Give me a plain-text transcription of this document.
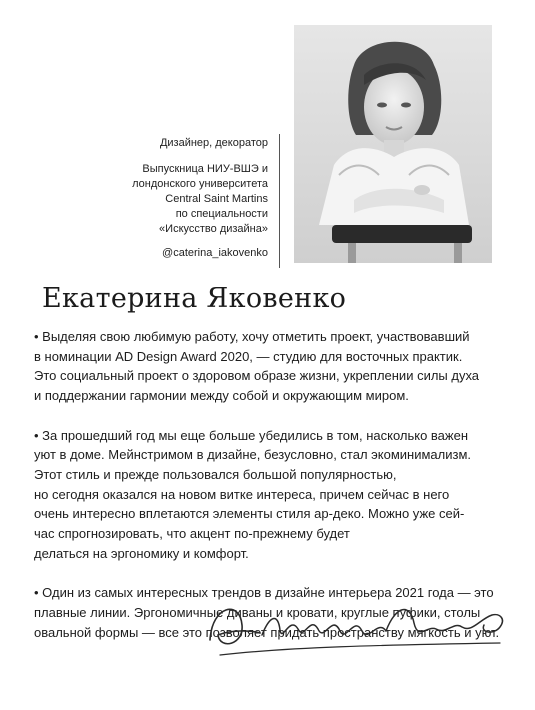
Дизайнер, декоратор
Выпускница НИУ-ВШЭ и
лондонского университета
Central Saint Martins
по специальности
«Искусство дизайна»
@caterina_iakovenko
Екатерина Яковенко

• Выделяя свою любимую работу, хочу отметить проект, участвовавший
в номинации AD Design Award 2020, — студию для восточных практик.
Это социальный проект о здоровом образе жизни, укреплении силы духа
и поддержании гармонии между собой и окружающим миром.

• За прошедший год мы еще больше убедились в том, насколько важен
уют в доме. Мейнстримом в дизайне, безусловно, стал экоминимализм.
Этот стиль и прежде пользовался большой популярностью,
но сегодня оказался на новом витке интереса, причем сейчас в него
очень интересно вплетаются элементы стиля ар-деко. Можно уже сей-
час спрогнозировать, что акцент по-прежнему будет
делаться на эргономику и комфорт.

• Один из самых интересных трендов в дизайне интерьера 2021 года — это
плавные линии. Эргономичные диваны и кровати, круглые пуфики, столы
овальной формы — все это позволяет придать пространству мягкость и уют.
